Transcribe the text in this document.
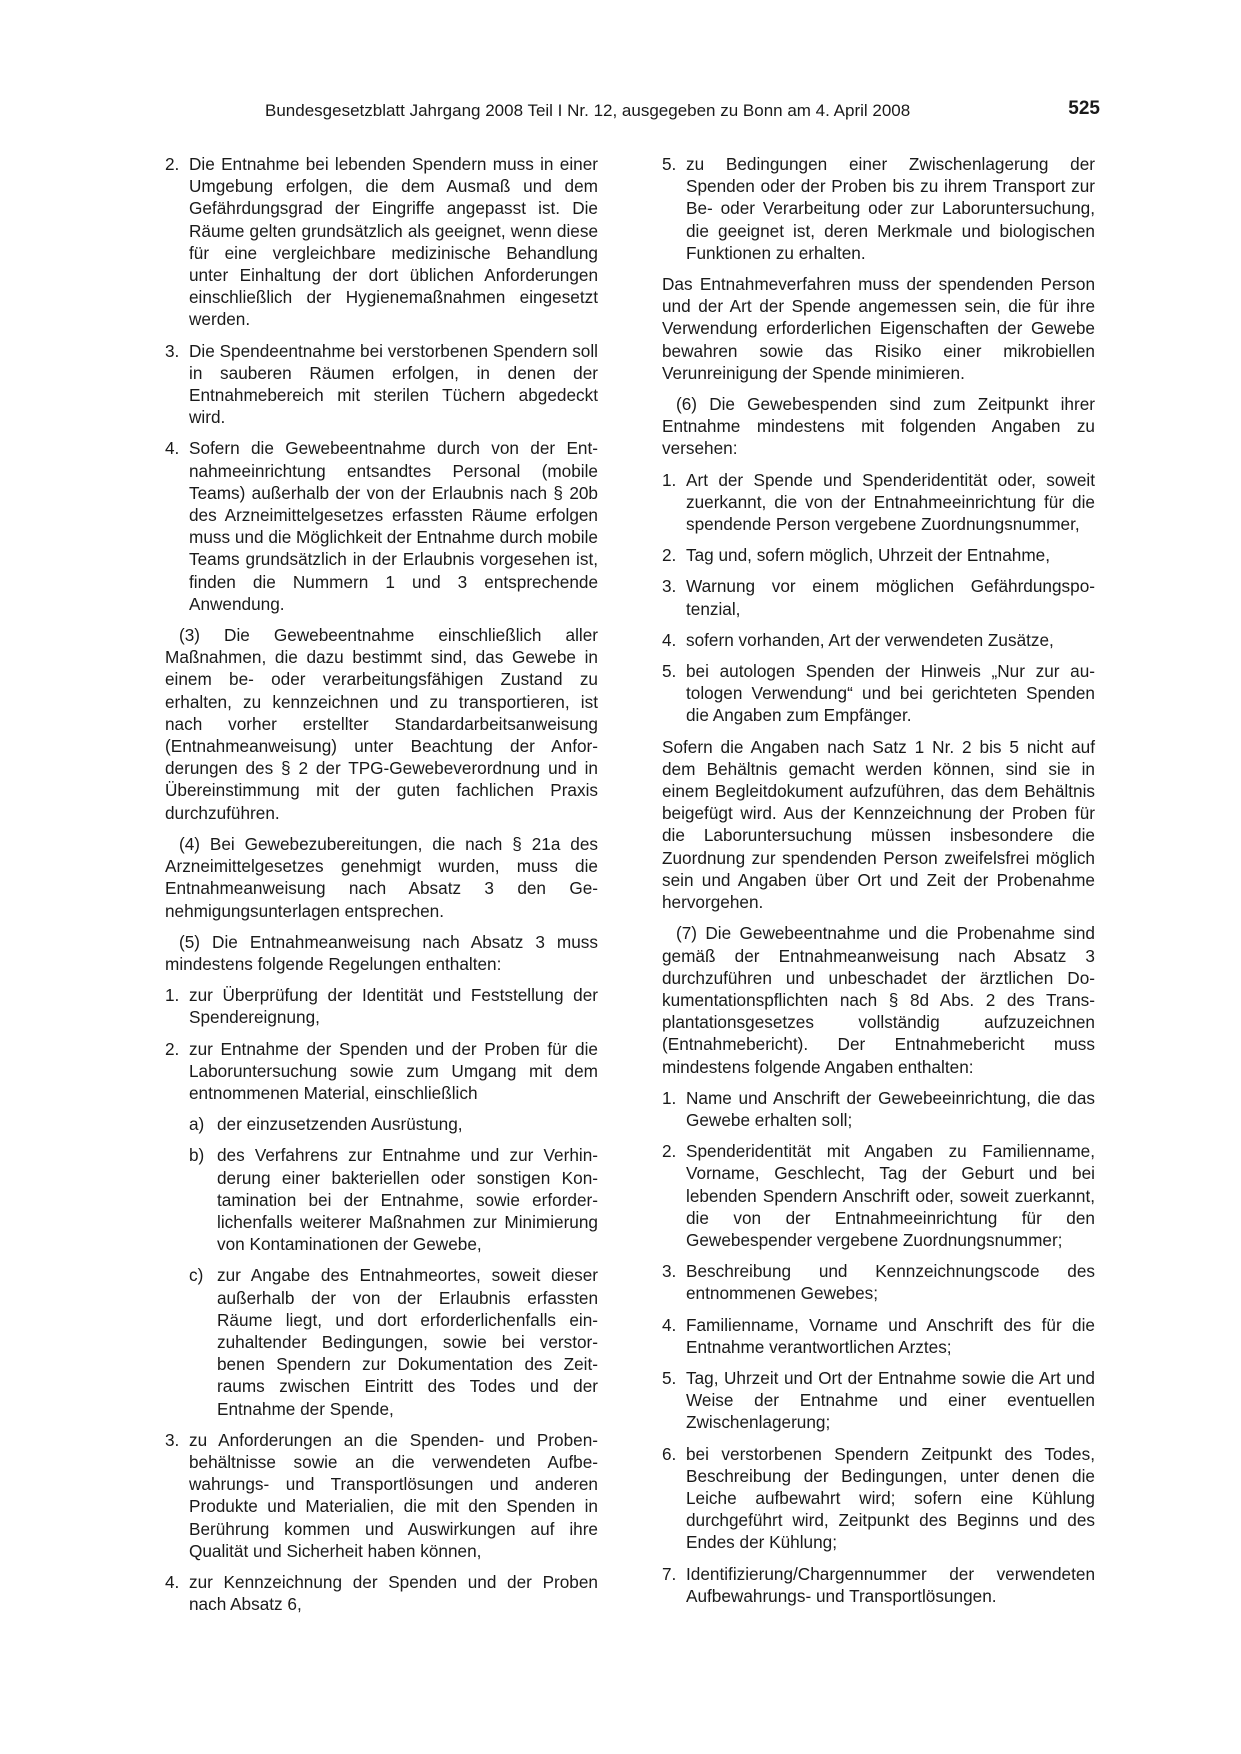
Bundesgesetzblatt Jahrgang 2008 Teil I Nr. 12, ausgegeben zu Bonn am 4. April 2008	525
2. Die Entnahme bei lebenden Spendern muss in einer Umgebung erfolgen, die dem Ausmaß und dem Gefährdungsgrad der Eingriffe angepasst ist. Die Räume gelten grundsätzlich als geeignet, wenn diese für eine vergleichbare medizinische Behandlung unter Einhaltung der dort üblichen Anforderungen einschließlich der Hygienemaßnahmen eingesetzt werden.
3. Die Spendeentnahme bei verstorbenen Spendern soll in sauberen Räumen erfolgen, in denen der Entnahmebereich mit sterilen Tüchern abgedeckt wird.
4. Sofern die Gewebeentnahme durch von der Entnahmeeinrichtung entsandtes Personal (mobile Teams) außerhalb der von der Erlaubnis nach § 20b des Arzneimittelgesetzes erfassten Räume erfolgen muss und die Möglichkeit der Entnahme durch mobile Teams grundsätzlich in der Erlaubnis vorgesehen ist, finden die Nummern 1 und 3 entsprechende Anwendung.

(3) Die Gewebeentnahme einschließlich aller Maßnahmen, die dazu bestimmt sind, das Gewebe in einem be- oder verarbeitungsfähigen Zustand zu erhalten, zu kennzeichnen und zu transportieren, ist nach vorher erstellter Standardarbeitsanweisung (Entnahmeanweisung) unter Beachtung der Anforderungen des § 2 der TPG-Gewebeverordnung und in Übereinstimmung mit der guten fachlichen Praxis durchzuführen.

(4) Bei Gewebezubereitungen, die nach § 21a des Arzneimittelgesetzes genehmigt wurden, muss die Entnahmeanweisung nach Absatz 3 den Genehmigungsunterlagen entsprechen.

(5) Die Entnahmeanweisung nach Absatz 3 muss mindestens folgende Regelungen enthalten:

1. zur Überprüfung der Identität und Feststellung der Spendereignung,
2. zur Entnahme der Spenden und der Proben für die Laboruntersuchung sowie zum Umgang mit dem entnommenen Material, einschließlich
a) der einzusetzenden Ausrüstung,
b) des Verfahrens zur Entnahme und zur Verhinderung einer bakteriellen oder sonstigen Kontamination bei der Entnahme, sowie erforderlichenfalls weiterer Maßnahmen zur Minimierung von Kontaminationen der Gewebe,
c) zur Angabe des Entnahmeortes, soweit dieser außerhalb der von der Erlaubnis erfassten Räume liegt, und dort erforderlichenfalls einzuhaltender Bedingungen, sowie bei verstorbenen Spendern zur Dokumentation des Zeitraums zwischen Eintritt des Todes und der Entnahme der Spende,
3. zu Anforderungen an die Spenden- und Probenbehältnisse sowie an die verwendeten Aufbewahrungs- und Transportlösungen und anderen Produkte und Materialien, die mit den Spenden in Berührung kommen und Auswirkungen auf ihre Qualität und Sicherheit haben können,
4. zur Kennzeichnung der Spenden und der Proben nach Absatz 6,
5. zu Bedingungen einer Zwischenlagerung der Spenden oder der Proben bis zu ihrem Transport zur Be- oder Verarbeitung oder zur Laboruntersuchung, die geeignet ist, deren Merkmale und biologischen Funktionen zu erhalten.

Das Entnahmeverfahren muss der spendenden Person und der Art der Spende angemessen sein, die für ihre Verwendung erforderlichen Eigenschaften der Gewebe bewahren sowie das Risiko einer mikrobiellen Verunreinigung der Spende minimieren.

(6) Die Gewebespenden sind zum Zeitpunkt ihrer Entnahme mindestens mit folgenden Angaben zu versehen:

1. Art der Spende und Spenderidentität oder, soweit zuerkannt, die von der Entnahmeeinrichtung für die spendende Person vergebene Zuordnungsnummer,
2. Tag und, sofern möglich, Uhrzeit der Entnahme,
3. Warnung vor einem möglichen Gefährdungspotenzial,
4. sofern vorhanden, Art der verwendeten Zusätze,
5. bei autologen Spenden der Hinweis „Nur zur autologen Verwendung“ und bei gerichteten Spenden die Angaben zum Empfänger.

Sofern die Angaben nach Satz 1 Nr. 2 bis 5 nicht auf dem Behältnis gemacht werden können, sind sie in einem Begleitdokument aufzuführen, das dem Behältnis beigefügt wird. Aus der Kennzeichnung der Proben für die Laboruntersuchung müssen insbesondere die Zuordnung zur spendenden Person zweifelsfrei möglich sein und Angaben über Ort und Zeit der Probenahme hervorgehen.

(7) Die Gewebeentnahme und die Probenahme sind gemäß der Entnahmeanweisung nach Absatz 3 durchzuführen und unbeschadet der ärztlichen Dokumentationspflichten nach § 8d Abs. 2 des Transplantationsgesetzes vollständig aufzuzeichnen (Entnahmebericht). Der Entnahmebericht muss mindestens folgende Angaben enthalten:

1. Name und Anschrift der Gewebeeinrichtung, die das Gewebe erhalten soll;
2. Spenderidentität mit Angaben zu Familienname, Vorname, Geschlecht, Tag der Geburt und bei lebenden Spendern Anschrift oder, soweit zuerkannt, die von der Entnahmeeinrichtung für den Gewebespender vergebene Zuordnungsnummer;
3. Beschreibung und Kennzeichnungscode des entnommenen Gewebes;
4. Familienname, Vorname und Anschrift des für die Entnahme verantwortlichen Arztes;
5. Tag, Uhrzeit und Ort der Entnahme sowie die Art und Weise der Entnahme und einer eventuellen Zwischenlagerung;
6. bei verstorbenen Spendern Zeitpunkt des Todes, Beschreibung der Bedingungen, unter denen die Leiche aufbewahrt wird; sofern eine Kühlung durchgeführt wird, Zeitpunkt des Beginns und des Endes der Kühlung;
7. Identifizierung/Chargennummer der verwendeten Aufbewahrungs- und Transportlösungen.
